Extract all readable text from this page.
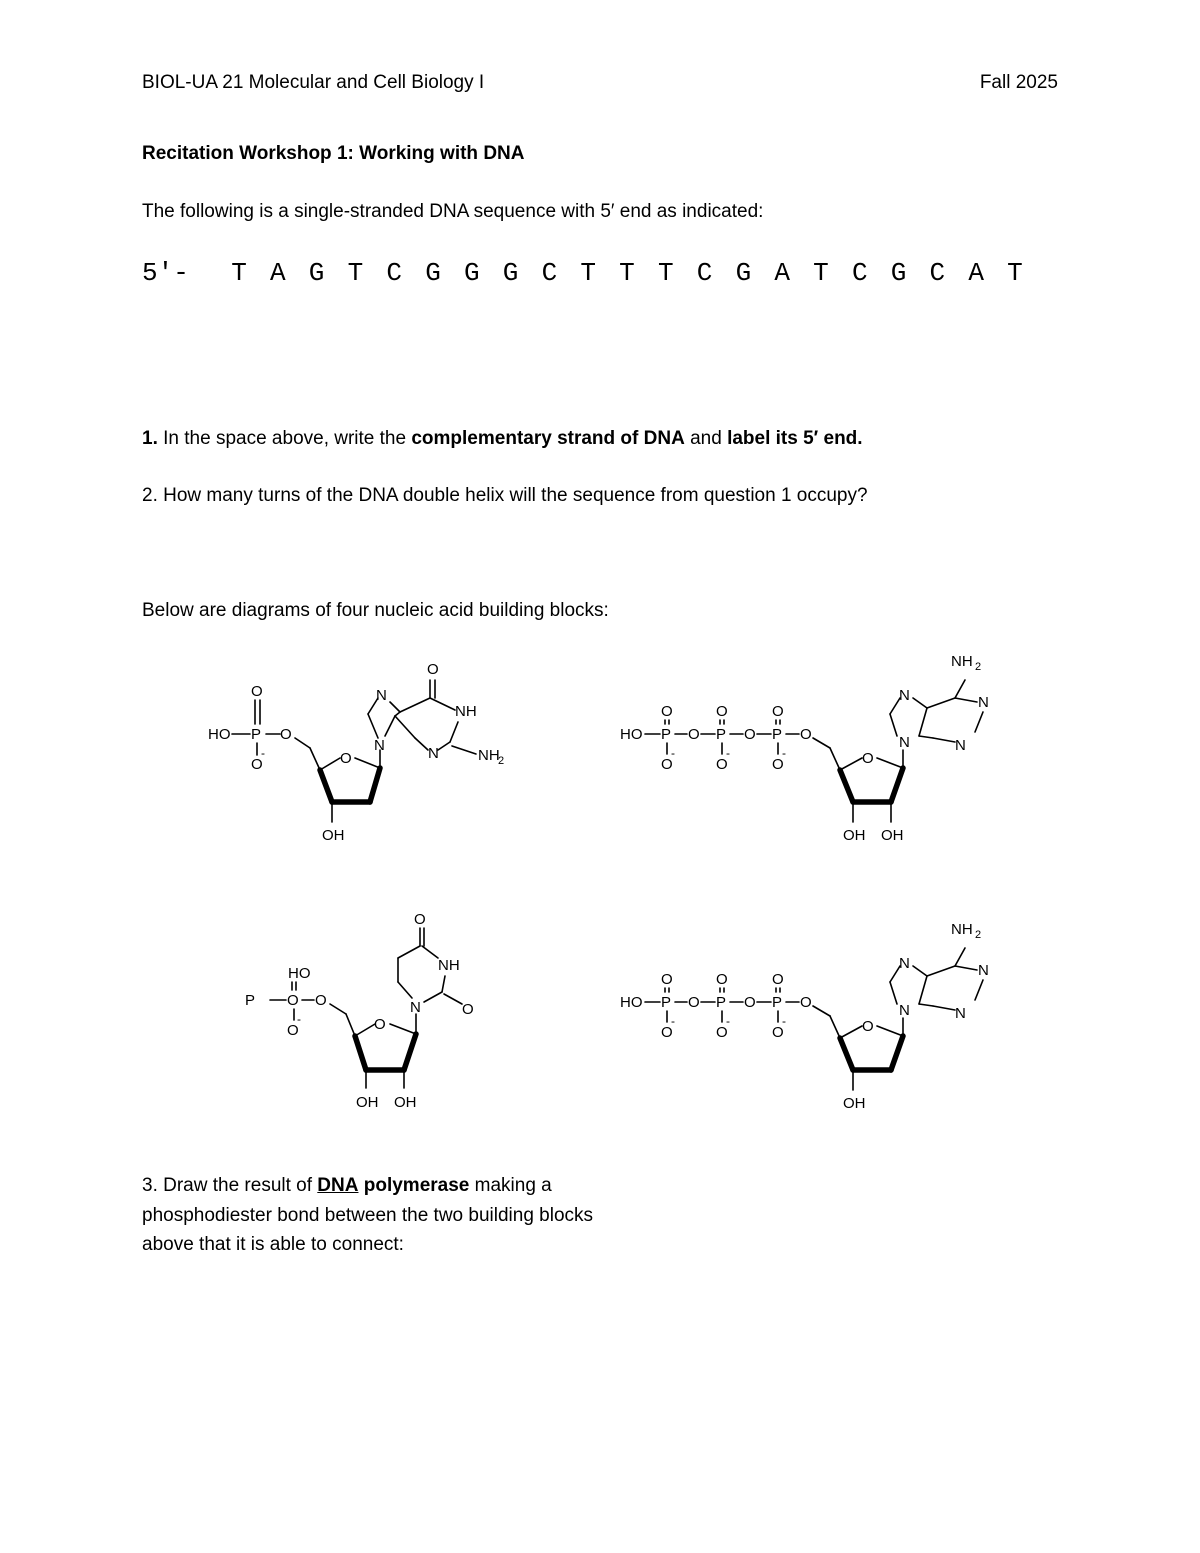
BIOL-UA 21 Molecular and Cell Biology I	Fall 2025
Recitation Workshop 1: Working with DNA
The following is a single-stranded DNA sequence with 5′ end as indicated:
5′- T A G T C G G G C T T T C G A T C G C A T
1. In the space above, write the complementary strand of DNA and label its 5′ end.
2. How many turns of the DNA double helix will the sequence from question 1 occupy?
Below are diagrams of four nucleic acid building blocks:
O
HO P O
O
-	O
OH
N
N
O
NH
N	NH
2
HO P
O
O
-
O P
O
O
-
O P
O
O
-
O
O
OH OH
N
N
NH 2
N
N
HO
P O O
O
-	O
OH OH
N
O
NH
O	HO P
O
O
-
O P
O
O
-
O P
O
O
-
O
O
OH
N
N
NH 2
N
N
3. Draw the result of DNA polymerase making a
phosphodiester bond between the two building blocks
above that it is able to connect:
